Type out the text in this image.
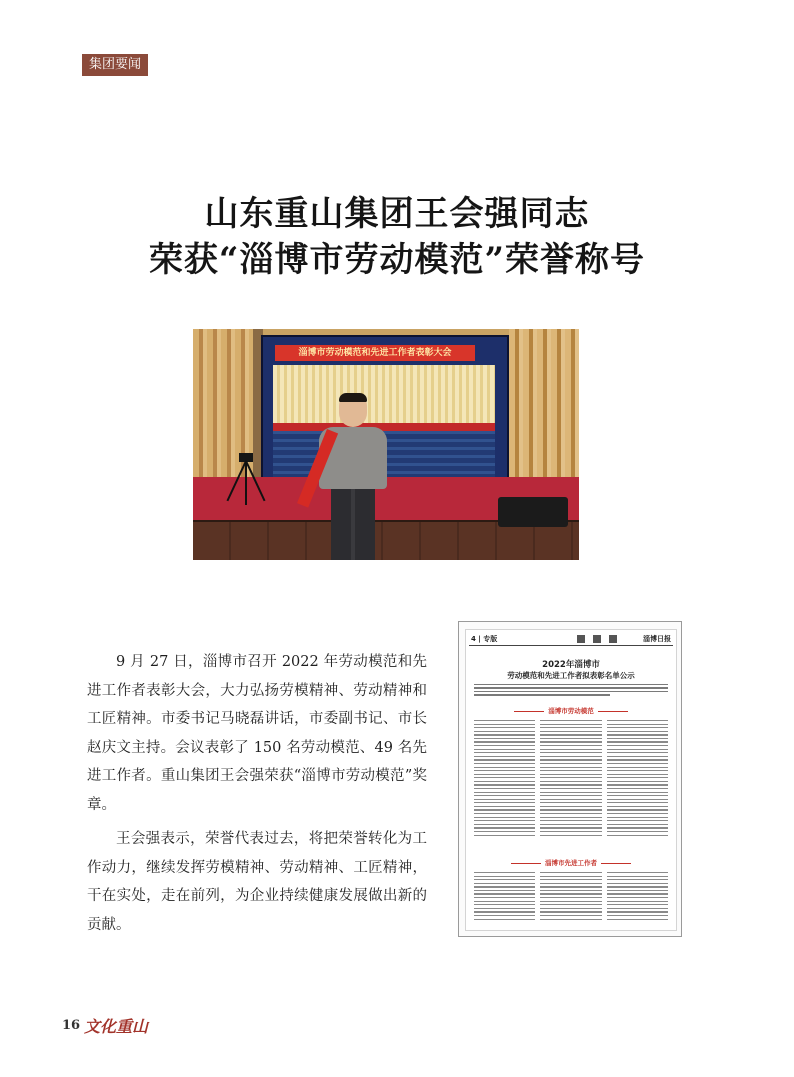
集团要闻
山东重山集团王会强同志
荣获“淄博市劳动模范”荣誉称号
淄博市劳动模范和先进工作者表彰大会

9 月 27 日，淄博市召开 2022 年劳动模范和先进工作者表彰大会，大力弘扬劳模精神、劳动精神和工匠精神。市委书记马晓磊讲话，市委副书记、市长赵庆文主持。会议表彰了 150 名劳动模范、49 名先进工作者。重山集团王会强荣获“淄博市劳动模范”奖章。

王会强表示，荣誉代表过去，将把荣誉转化为工作动力，继续发挥劳模精神、劳动精神、工匠精神，干在实处，走在前列，为企业持续健康发展做出新的贡献。

4 | 专版	淄博日报
2022年淄博市
劳动模范和先进工作者拟表彰名单公示
淄博市劳动模范
淄博市先进工作者
16 文化重山
